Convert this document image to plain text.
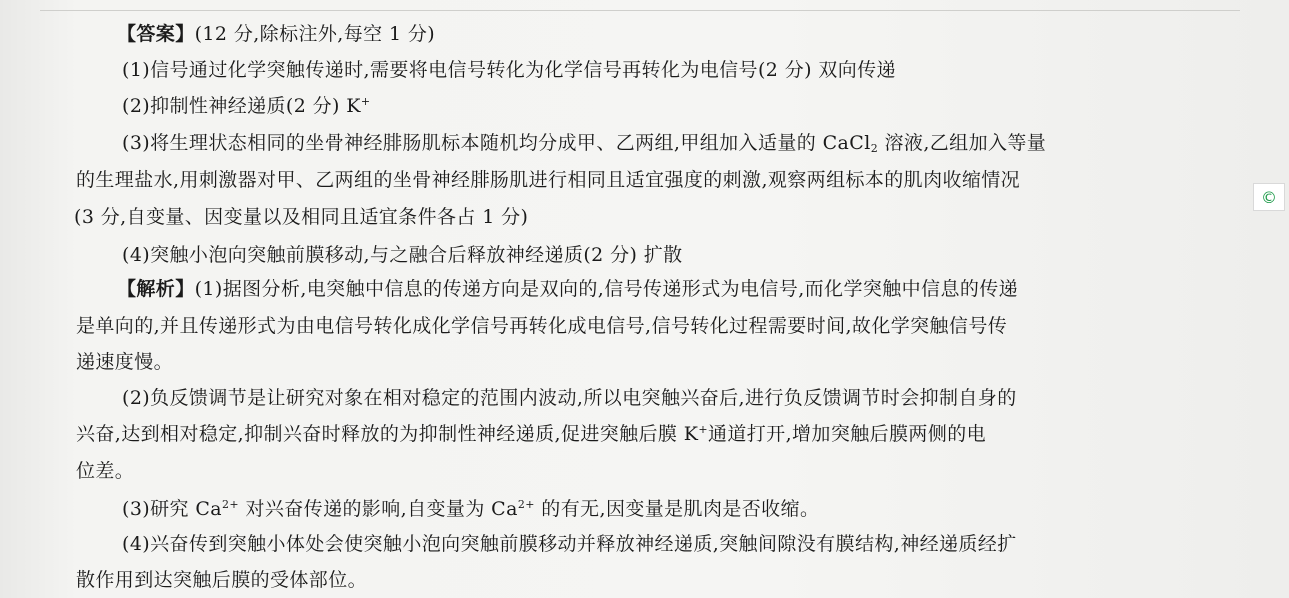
【答案】(12 分,除标注外,每空 1 分)
(1)信号通过化学突触传递时,需要将电信号转化为化学信号再转化为电信号(2 分) 双向传递
(2)抑制性神经递质(2 分) K+
(3)将生理状态相同的坐骨神经腓肠肌标本随机均分成甲、乙两组,甲组加入适量的 CaCl$_2$ 溶液,乙组加入等量
的生理盐水,用刺激器对甲、乙两组的坐骨神经腓肠肌进行相同且适宜强度的刺激,观察两组标本的肌肉收缩情况
(3 分,自变量、因变量以及相同且适宜条件各占 1 分)
(4)突触小泡向突触前膜移动,与之融合后释放神经递质(2 分) 扩散
【解析】(1)据图分析,电突触中信息的传递方向是双向的,信号传递形式为电信号,而化学突触中信息的传递
是单向的,并且传递形式为由电信号转化成化学信号再转化成电信号,信号转化过程需要时间,故化学突触信号传
递速度慢。
(2)负反馈调节是让研究对象在相对稳定的范围内波动,所以电突触兴奋后,进行负反馈调节时会抑制自身的
兴奋,达到相对稳定,抑制兴奋时释放的为抑制性神经递质,促进突触后膜 K+通道打开,增加突触后膜两侧的电
位差。
(3)研究 $Ca^{2+}$ 对兴奋传递的影响,自变量为 $Ca^{2+}$ 的有无,因变量是肌肉是否收缩。
(4)兴奋传到突触小体处会使突触小泡向突触前膜移动并释放神经递质,突触间隙没有膜结构,神经递质经扩
散作用到达突触后膜的受体部位。
©
